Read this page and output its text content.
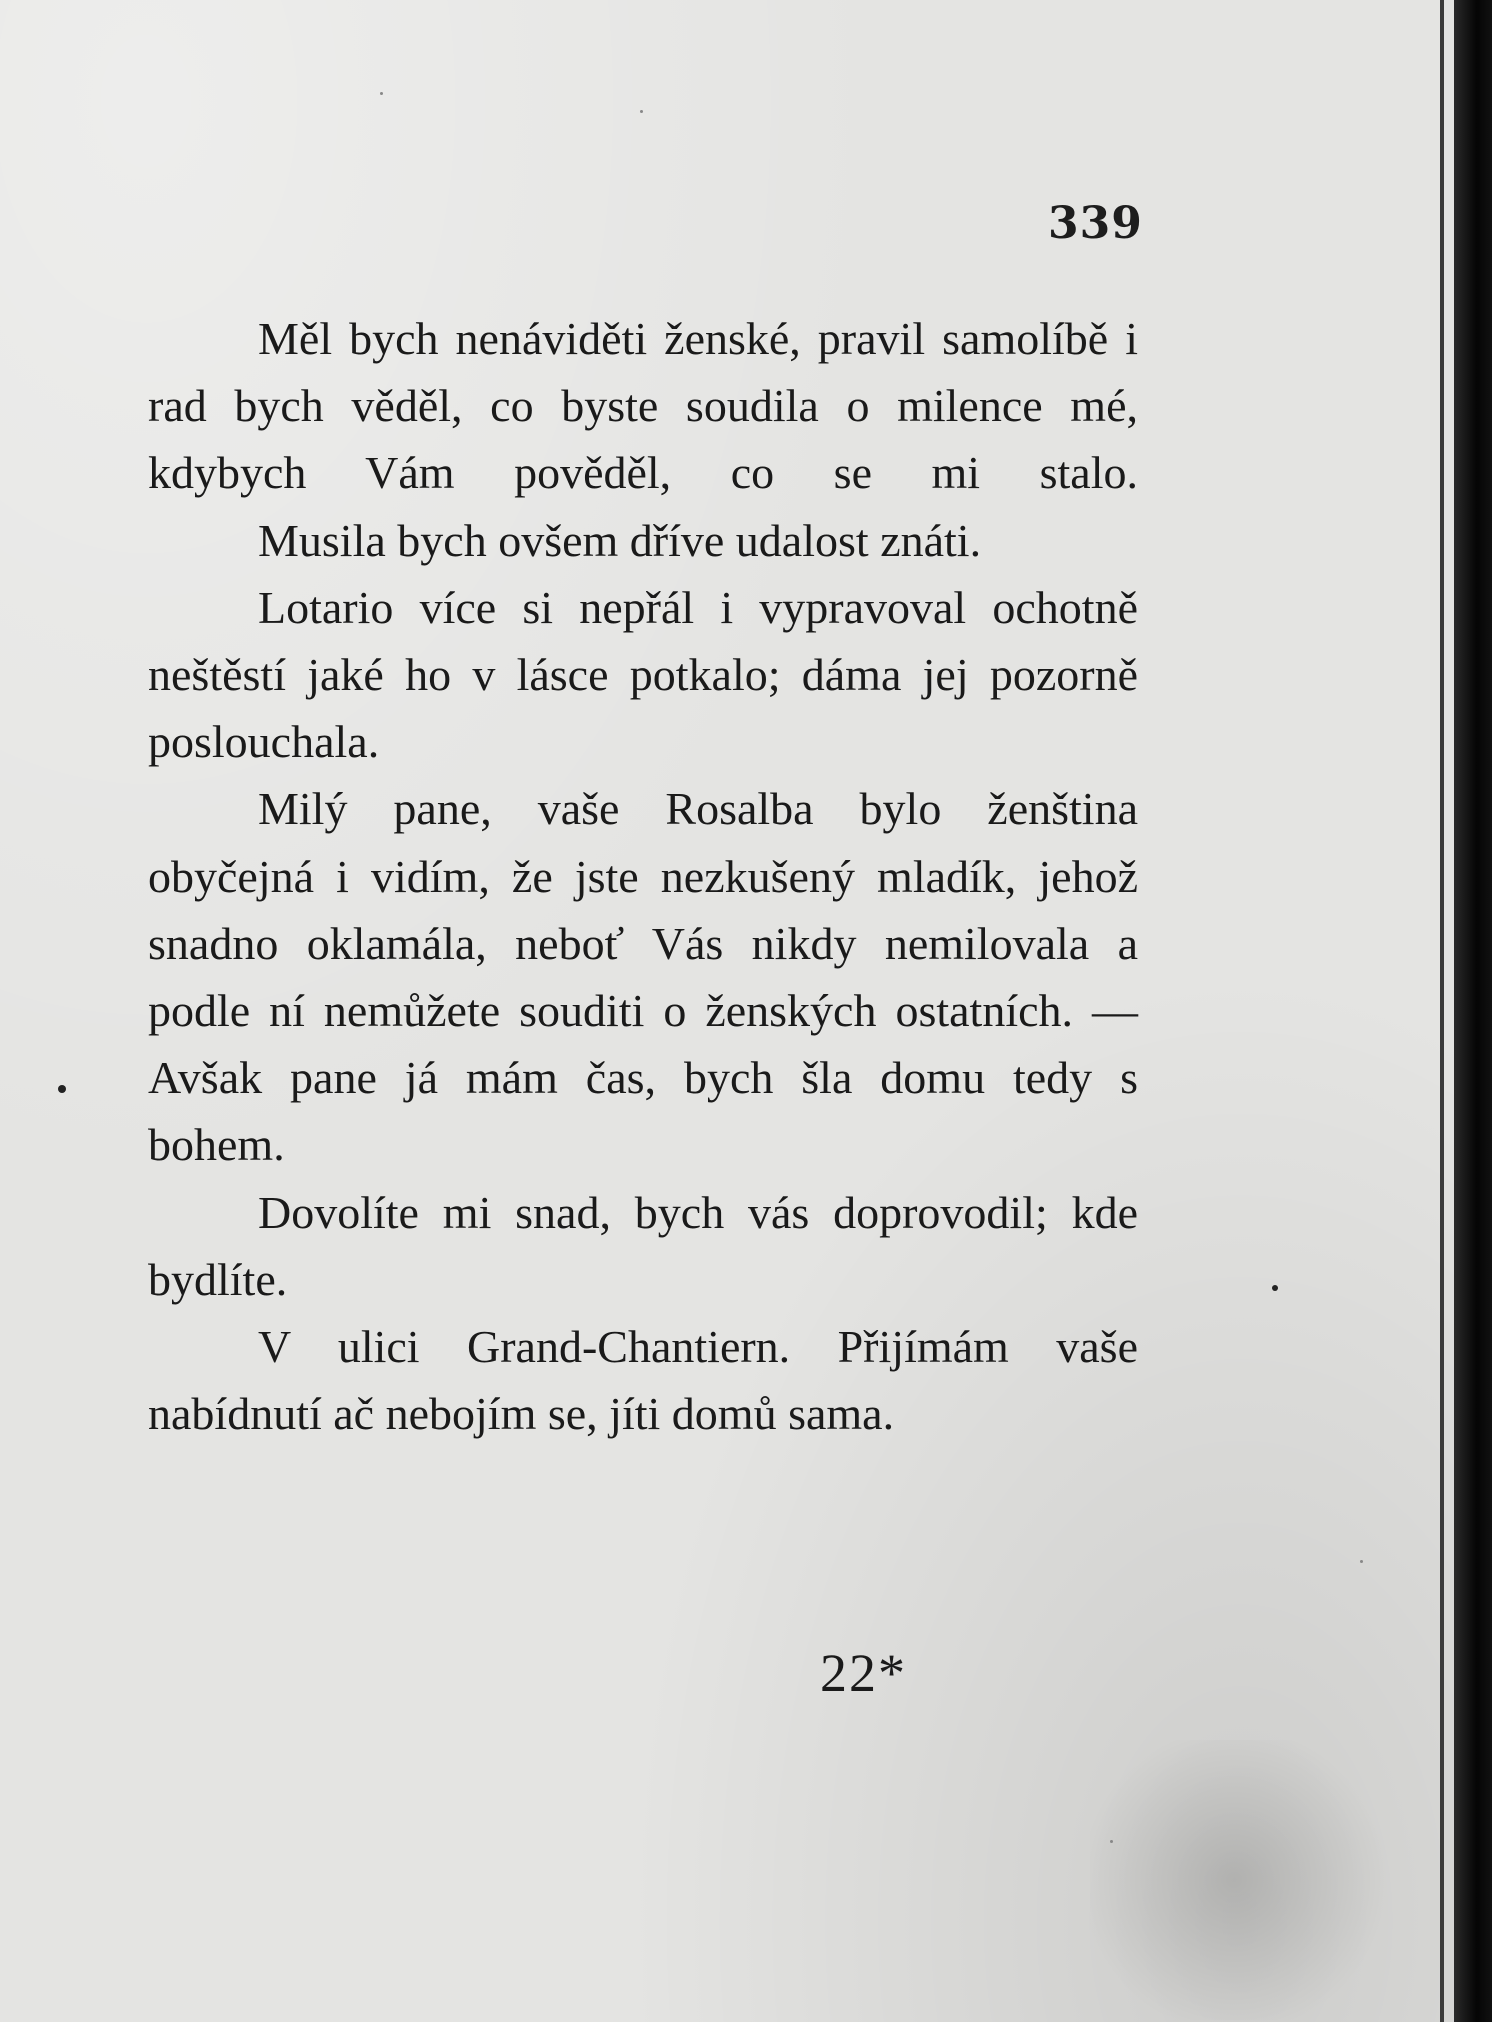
339

Měl bych nenáviděti ženské, pravil samolíbě i rad bych věděl, co byste soudila o milence mé, kdybych Vám pověděl, co se mi stalo.

Musila bych ovšem dříve udalost znáti.

Lotario více si nepřál i vypravoval ochotně neštěstí jaké ho v lásce potkalo; dáma jej pozorně poslouchala.

Milý pane, vaše Rosalba bylo ženština obyčejná i vidím, že jste nezkušený mladík, jehož snadno oklamála, neboť Vás nikdy nemilovala a podle ní nemůžete souditi o ženských ostatních. — Avšak pane já mám čas, bych šla domu tedy s bohem.

Dovolíte mi snad, bych vás doprovodil; kde bydlíte.

V ulici Grand-Chantiern. Přijímám vaše nabídnutí ač nebojím se, jíti domů sama.

22*
